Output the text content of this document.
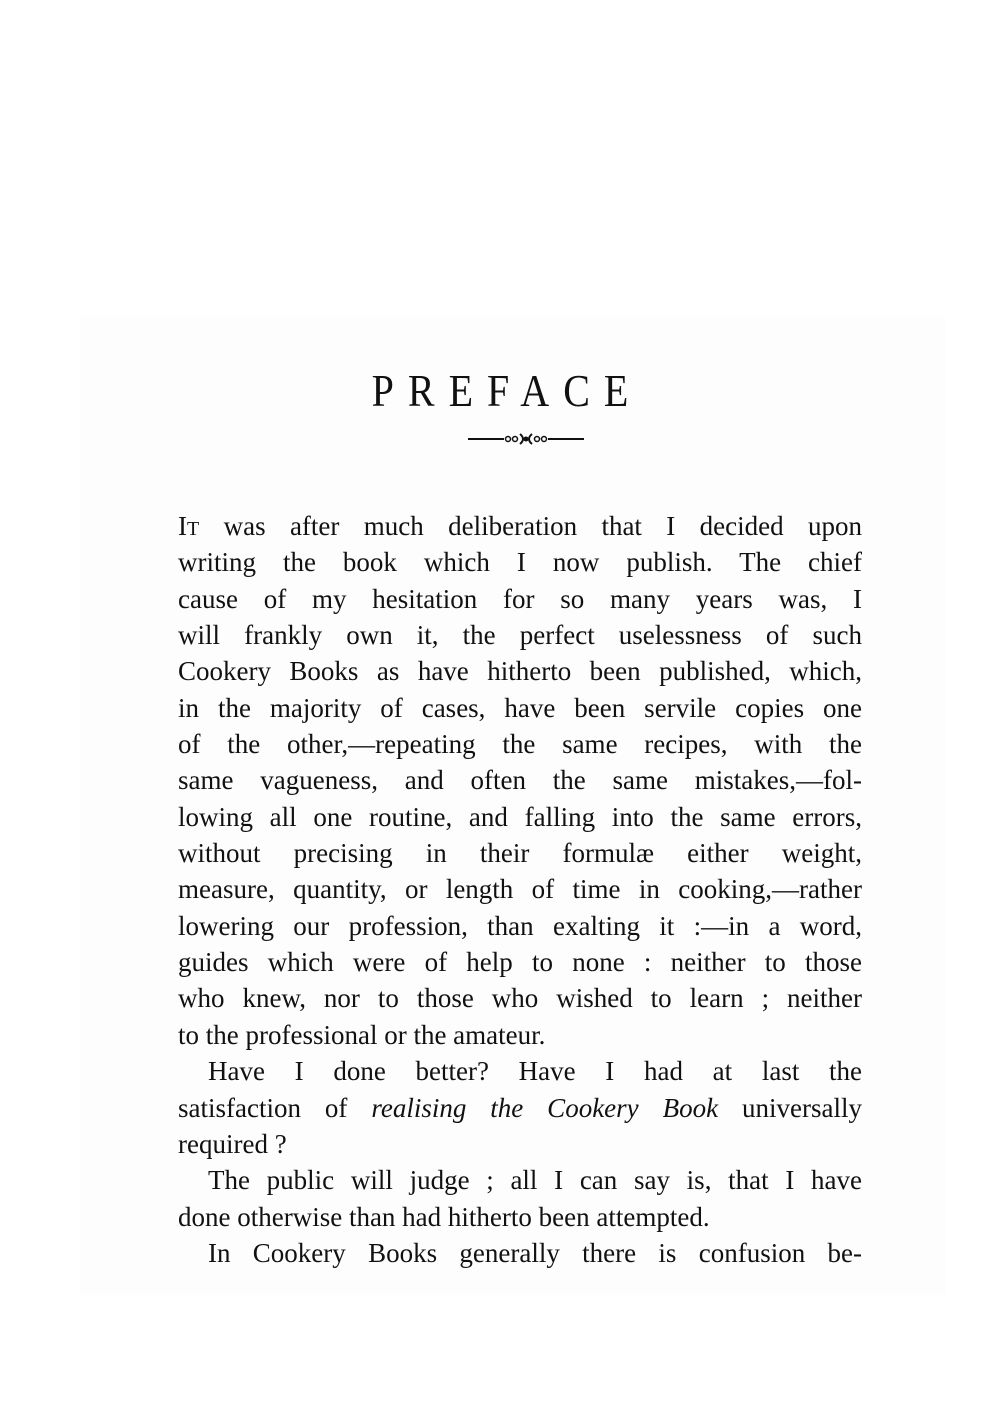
PREFACE
IT was after much deliberation that I decided upon
writing the book which I now publish. The chief
cause of my hesitation for so many years was, I
will frankly own it, the perfect uselessness of such
Cookery Books as have hitherto been published, which,
in the majority of cases, have been servile copies one
of the other,—repeating the same recipes, with the
same vagueness, and often the same mistakes,—fol-
lowing all one routine, and falling into the same errors,
without precising in their formulæ either weight,
measure, quantity, or length of time in cooking,—rather
lowering our profession, than exalting it :—in a word,
guides which were of help to none : neither to those
who knew, nor to those who wished to learn ; neither
to the professional or the amateur.
Have I done better? Have I had at last the
satisfaction of realising the Cookery Book universally
required ?
The public will judge ; all I can say is, that I have
done otherwise than had hitherto been attempted.
In Cookery Books generally there is confusion be-
